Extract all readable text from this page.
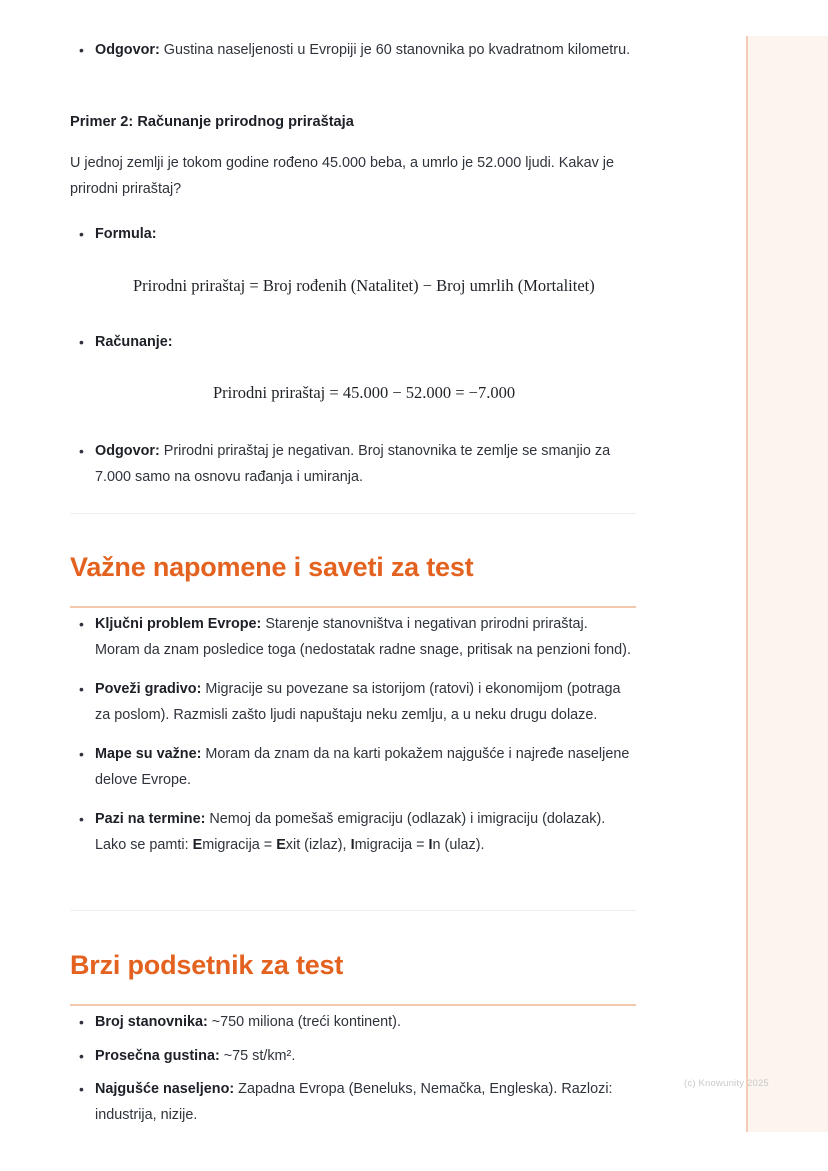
• Odgovor: Gustina naseljenosti u Evropiji je 60 stanovnika po kvadratnom kilometru.

Primer 2: Računanje prirodnog priraštaja

U jednoj zemlji je tokom godine rođeno 45.000 beba, a umrlo je 52.000 ljudi. Kakav je prirodni priraštaj?

• Formula:
Prirodni priraštaj = Broj rođenih (Natalitet) − Broj umrlih (Mortalitet)
• Računanje:
Prirodni priraštaj = 45.000 − 52.000 = −7.000
• Odgovor: Prirodni priraštaj je negativan. Broj stanovnika te zemlje se smanjio za 7.000 samo na osnovu rađanja i umiranja.
Važne napomene i saveti za test
• Ključni problem Evrope: Starenje stanovništva i negativan prirodni priraštaj. Moram da znam posledice toga (nedostatak radne snage, pritisak na penzioni fond).
• Poveži gradivo: Migracije su povezane sa istorijom (ratovi) i ekonomijom (potraga za poslom). Razmisli zašto ljudi napuštaju neku zemlju, a u neku drugu dolaze.
• Mape su važne: Moram da znam da na karti pokažem najgušće i najređe naseljene delove Evrope.
• Pazi na termine: Nemoj da pomešaš emigraciju (odlazak) i imigraciju (dolazak). Lako se pamti: Emigracija = Exit (izlaz), Imigracija = In (ulaz).
Brzi podsetnik za test
• Broj stanovnika: ~750 miliona (treći kontinent).
• Prosečna gustina: ~75 st/km².
• Najgušće naseljeno: Zapadna Evropa (Beneluks, Nemačka, Engleska). Razlozi: industrija, nizije.
(c) Knowunity 2025
